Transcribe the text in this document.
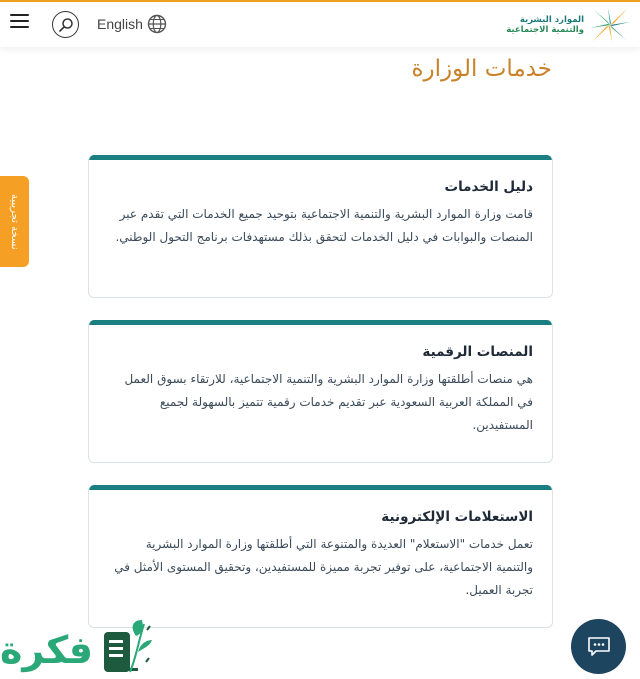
English	الموارد البشرية
والتنمية الاجتماعية
خدمات الوزارة
نسخة تجريبية
دليل الخدمات
قامت وزارة الموارد البشرية والتنمية الاجتماعية بتوحيد جميع الخدمات التي تقدم عبر المنصات والبوابات في دليل الخدمات لتحقق بذلك مستهدفات برنامج التحول الوطني.
المنصات الرقمية
هي منصات أطلقتها وزارة الموارد البشرية والتنمية الاجتماعية، للارتقاء بسوق العمل في المملكة العربية السعودية عبر تقديم خدمات رقمية تتميز بالسهولة لجميع المستفيدين.
الاستعلامات الإلكترونية
تعمل خدمات "الاستعلام" العديدة والمتنوعة التي أطلقتها وزارة الموارد البشرية والتنمية الاجتماعية، على توفير تجربة مميزة للمستفيدين، وتحقيق المستوى الأمثل في تجربة العميل.
فكرة
